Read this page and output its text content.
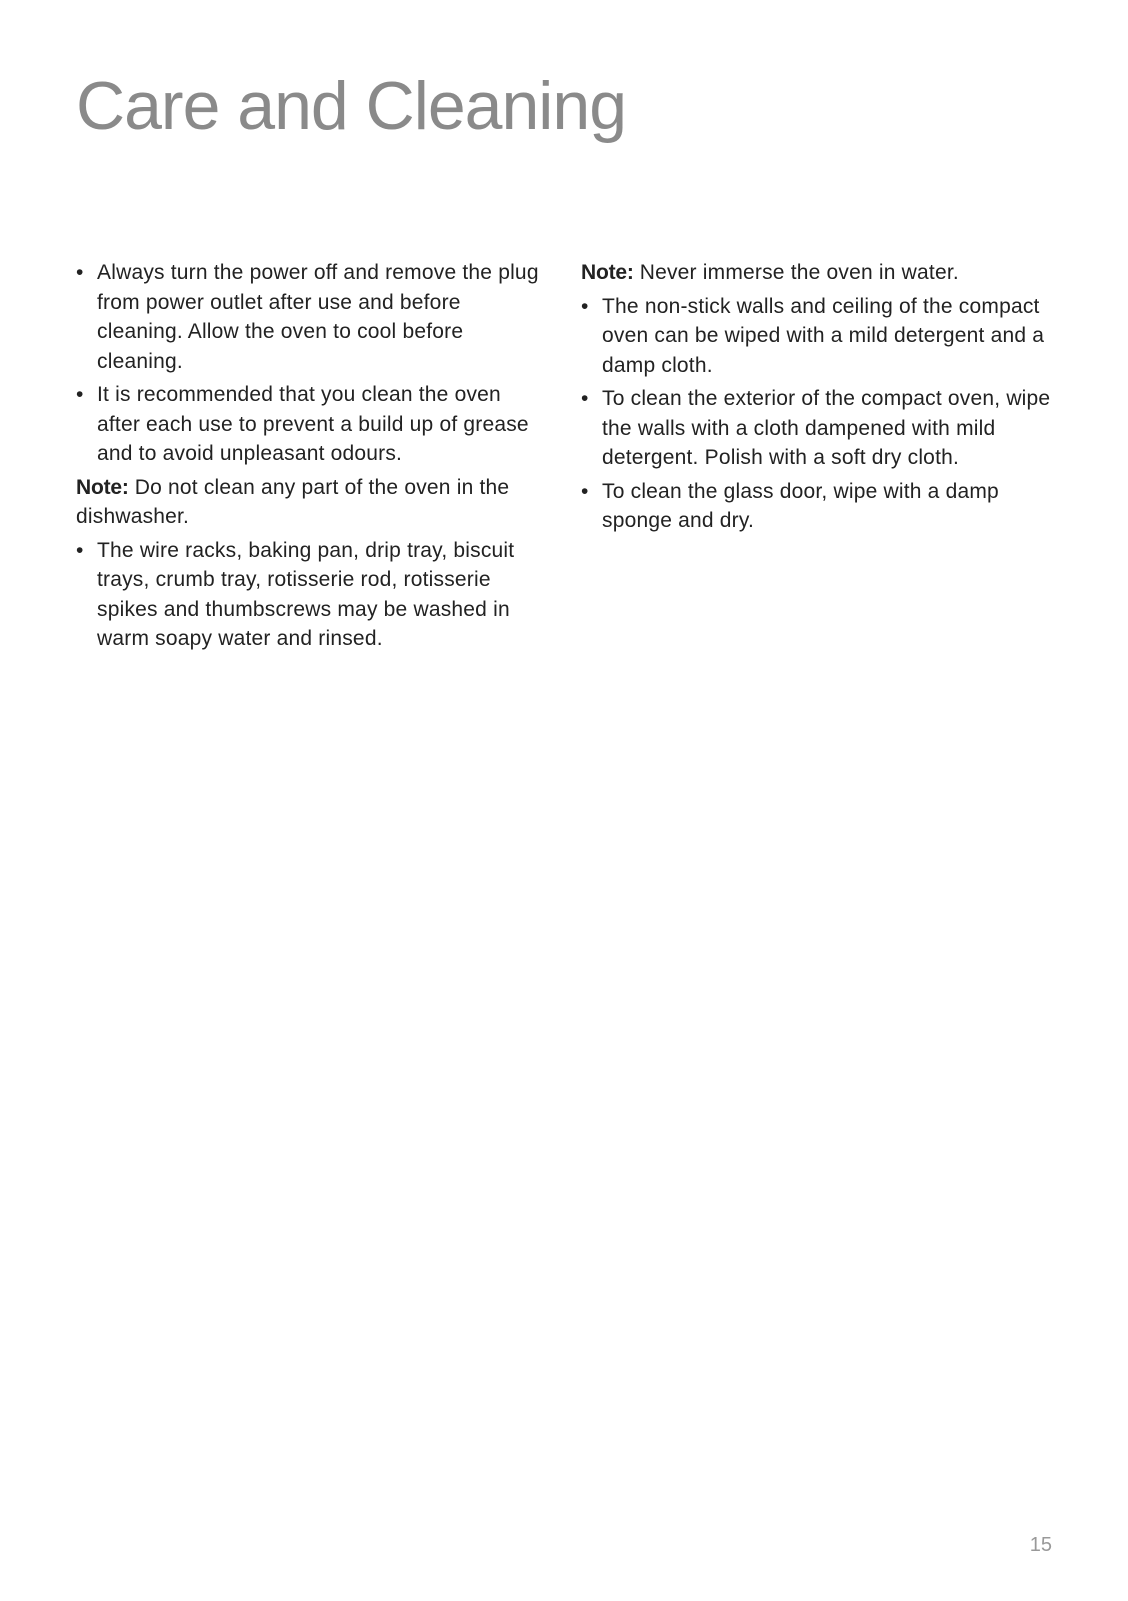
Care and Cleaning
• Always turn the power off and remove the plug from power outlet after use and before cleaning. Allow the oven to cool before cleaning.
• It is recommended that you clean the oven after each use to prevent a build up of grease and to avoid unpleasant odours.

Note: Do not clean any part of the oven in the dishwasher.

• The wire racks, baking pan, drip tray, biscuit trays, crumb tray, rotisserie rod, rotisserie spikes and thumbscrews may be washed in warm soapy water and rinsed.

Note: Never immerse the oven in water.

• The non-stick walls and ceiling of the compact oven can be wiped with a mild detergent and a damp cloth.
• To clean the exterior of the compact oven, wipe the walls with a cloth dampened with mild detergent. Polish with a soft dry cloth.
• To clean the glass door, wipe with a damp sponge and dry.
15
